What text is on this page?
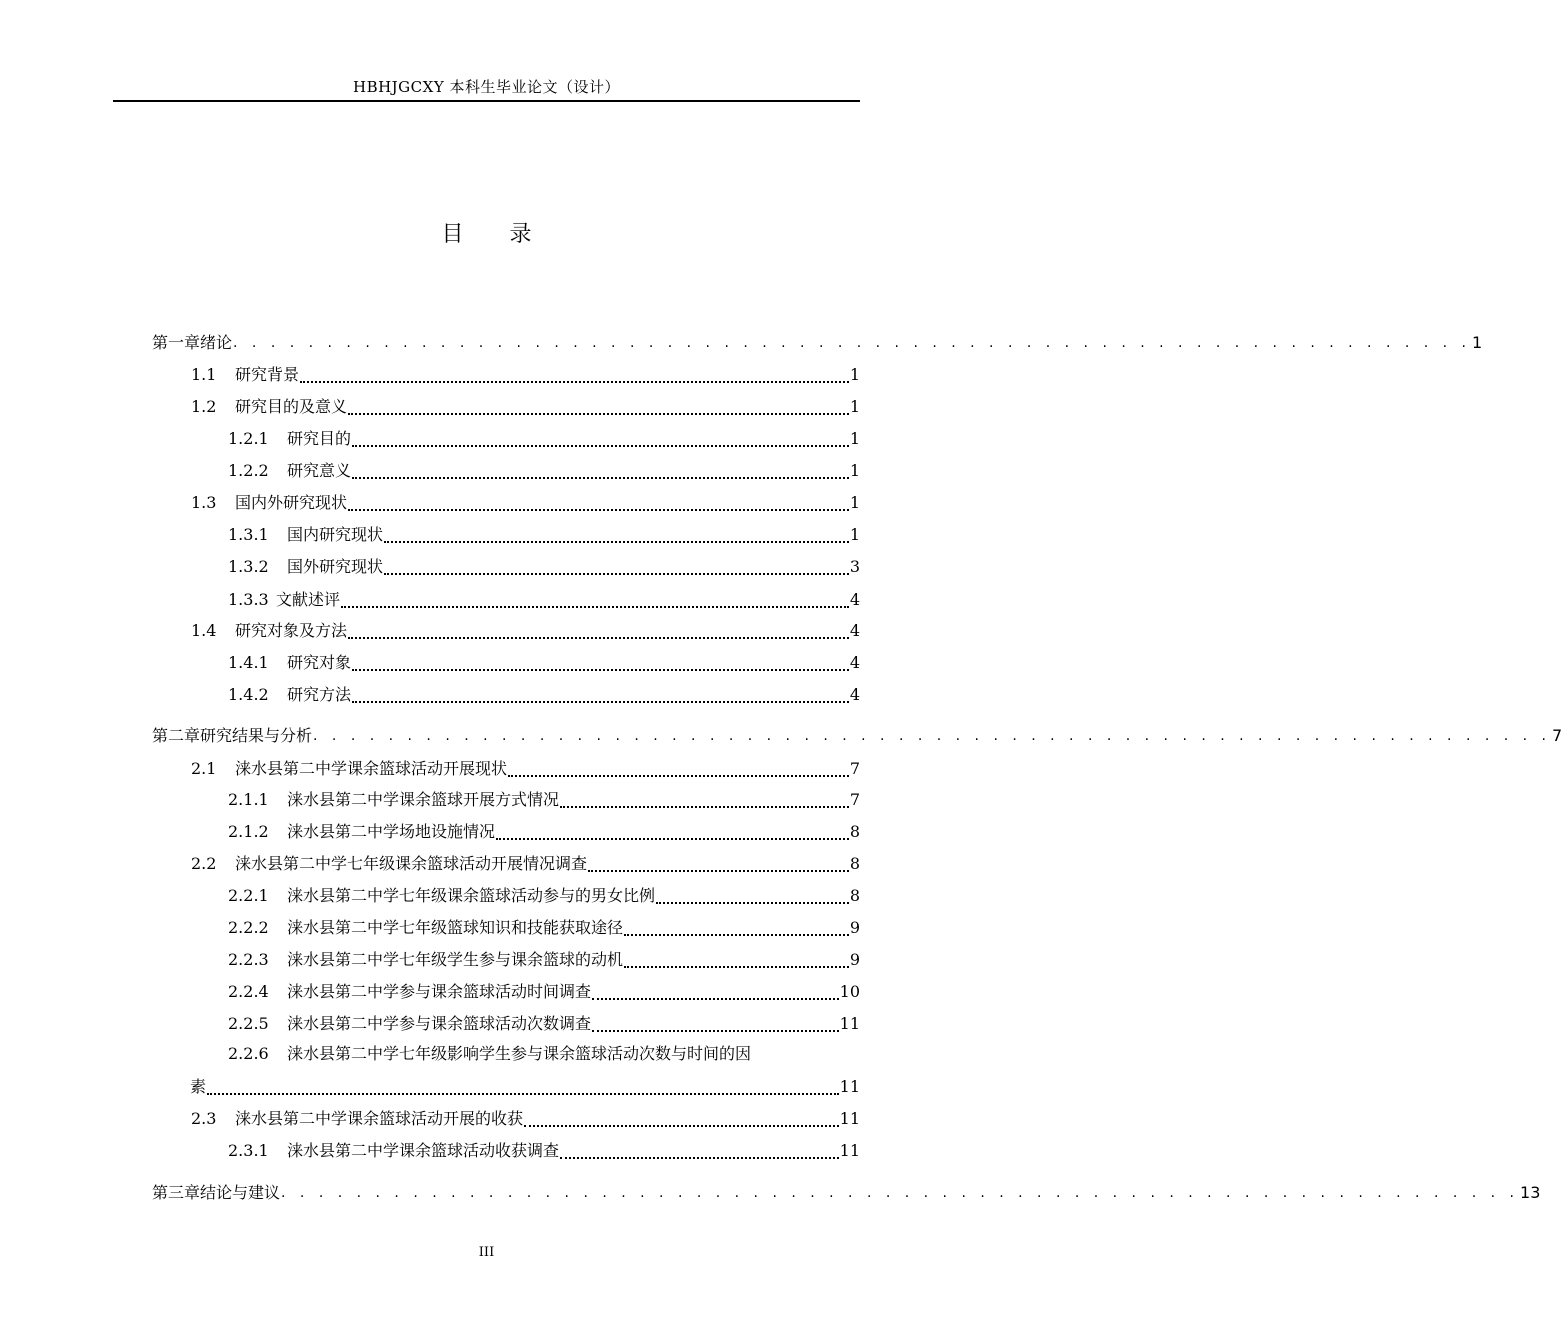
HBHJGCXY 本科生毕业论文（设计）
目录
第一章 绪论 . . . . . . . . . . . . . . . . . . . . . . . . . . . . . . . . . . . . . . . . . . . . . . . . . . . . . . . . . . . . . . . . . . 1
1.1	研究背景	1
1.2	研究目的及意义	1
1.2.1	研究目的	1
1.2.2	研究意义	1
1.3	国内外研究现状	1
1.3.1	国内研究现状	1
1.3.2	国外研究现状	3
1.3.3 文献述评	4
1.4	研究对象及方法	4
1.4.1	研究对象	4
1.4.2	研究方法	4
第二章 研究结果与分析 . . . . . . . . . . . . . . . . . . . . . . . . . . . . . . . . . . . . . . . . . . . . . . . . . . . . . . . . . . . . . . . . . . 7
2.1	涞水县第二中学课余篮球活动开展现状	7
2.1.1	涞水县第二中学课余篮球开展方式情况	7
2.1.2	涞水县第二中学场地设施情况	8
2.2	涞水县第二中学七年级课余篮球活动开展情况调查	8
2.2.1	涞水县第二中学七年级课余篮球活动参与的男女比例	8
2.2.2	涞水县第二中学七年级篮球知识和技能获取途径	9
2.2.3	涞水县第二中学七年级学生参与课余篮球的动机	9
2.2.4	涞水县第二中学参与课余篮球活动时间调查	10
2.2.5	涞水县第二中学参与课余篮球活动次数调查	11
2.2.6 涞水县第二中学七年级影响学生参与课余篮球活动次数与时间的因
素	11
2.3	涞水县第二中学课余篮球活动开展的收获	11
2.3.1	涞水县第二中学课余篮球活动收获调查	11
第三章 结论与建议 . . . . . . . . . . . . . . . . . . . . . . . . . . . . . . . . . . . . . . . . . . . . . . . . . . . . . . . . . . . . . . . . . . 13
III
